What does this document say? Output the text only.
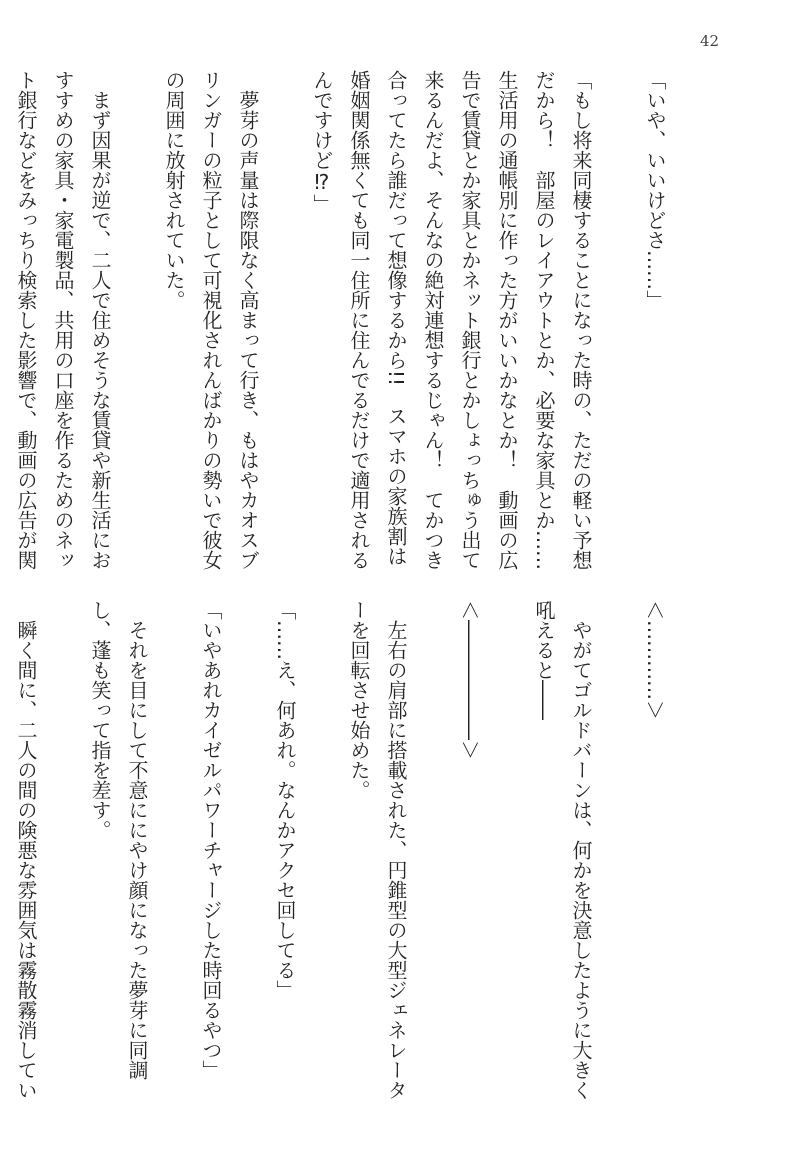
42

「いや、いいけどさ……」

「もし将来同棲することになった時の、ただの軽い予想だから！　部屋のレイアウトとか、必要な家具とか……生活用の通帳別に作った方がいいかなとか！　動画の広告で賃貸とか家具とかネット銀行とかしょっちゅう出て来るんだよ、そんなの絶対連想するじゃん！　てかつき合ってたら誰だって想像するから!!　スマホの家族割は婚姻関係無くても同一住所に住んでるだけで適用されるんですけど⁉」

　夢芽の声量は際限なく高まって行き、もはやカオスブリンガーの粒子として可視化されんばかりの勢いで彼女の周囲に放射されていた。

　まず因果が逆で、二人で住めそうな賃貸や新生活におすすめの家具・家電製品、共用の口座を作るためのネット銀行などをみっちり検索した影響で、動画の広告が関

＜…………＞

　やがてゴルドバーンは、何かを決意したように大きく吼えると――

＜――――――＞

　左右の肩部に搭載された、円錐型の大型ジェネレーターを回転させ始めた。

「……え、何あれ。なんかアクセ回してる」

「いやあれカイゼルパワーチャージした時回るやつ」

　それを目にして不意ににやけ顔になった夢芽に同調し、蓬も笑って指を差す。

　瞬く間に、二人の間の険悪な雰囲気は霧散霧消してい
